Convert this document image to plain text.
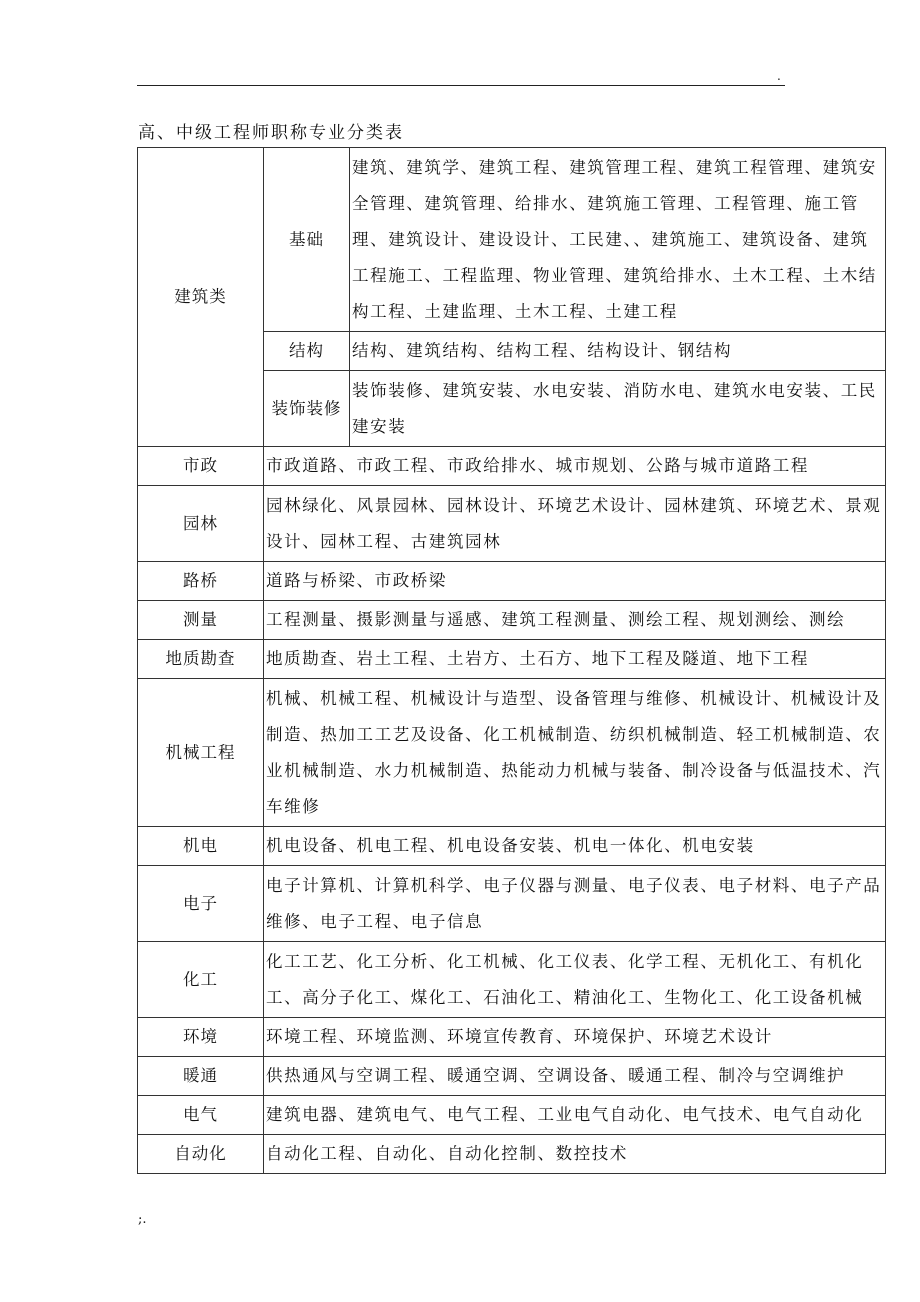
.
高、中级工程师职称专业分类表
建筑类	基础	建筑、建筑学、建筑工程、建筑管理工程、建筑工程管理、建筑安全管理、建筑管理、给排水、建筑施工管理、工程管理、施工管理、建筑设计、建设设计、工民建、、建筑施工、建筑设备、建筑工程施工、工程监理、物业管理、建筑给排水、土木工程、土木结构工程、土建监理、土木工程、土建工程
	结构	结构、建筑结构、结构工程、结构设计、钢结构
	装饰装修	装饰装修、建筑安装、水电安装、消防水电、建筑水电安装、工民建安装
市政	市政道路、市政工程、市政给排水、城市规划、公路与城市道路工程	
园林	园林绿化、风景园林、园林设计、环境艺术设计、园林建筑、环境艺术、景观设计、园林工程、古建筑园林	
路桥	道路与桥梁、市政桥梁	
测量	工程测量、摄影测量与遥感、建筑工程测量、测绘工程、规划测绘、测绘	
地质勘查	地质勘查、岩土工程、土岩方、土石方、地下工程及隧道、地下工程	
机械工程	机械、机械工程、机械设计与造型、设备管理与维修、机械设计、机械设计及制造、热加工工艺及设备、化工机械制造、纺织机械制造、轻工机械制造、农业机械制造、水力机械制造、热能动力机械与装备、制冷设备与低温技术、汽车维修	
机电	机电设备、机电工程、机电设备安装、机电一体化、机电安装	
电子	电子计算机、计算机科学、电子仪器与测量、电子仪表、电子材料、电子产品维修、电子工程、电子信息	
化工	化工工艺、化工分析、化工机械、化工仪表、化学工程、无机化工、有机化工、高分子化工、煤化工、石油化工、精油化工、生物化工、化工设备机械	
环境	环境工程、环境监测、环境宣传教育、环境保护、环境艺术设计	
暖通	供热通风与空调工程、暖通空调、空调设备、暖通工程、制冷与空调维护	
电气	建筑电器、建筑电气、电气工程、工业电气自动化、电气技术、电气自动化	
自动化	自动化工程、自动化、自动化控制、数控技术	
;.
